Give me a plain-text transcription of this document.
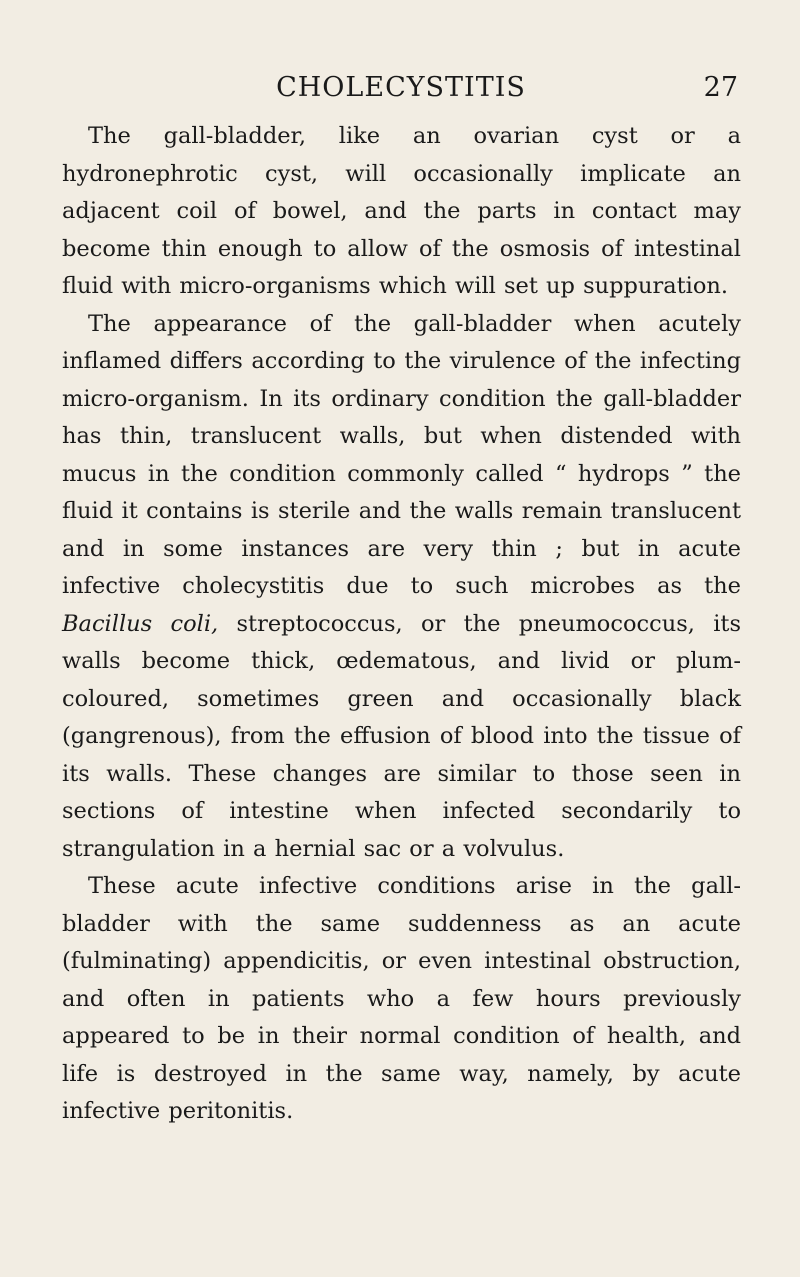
CHOLECYSTITIS	27

The gall-bladder, like an ovarian cyst or a hydronephrotic cyst, will occasionally implicate an adjacent coil of bowel, and the parts in contact may become thin enough to allow of the osmosis of intestinal fluid with micro-organisms which will set up suppuration.

The appearance of the gall-bladder when acutely inflamed differs according to the virulence of the infecting micro-organism. In its ordinary condition the gall-bladder has thin, translucent walls, but when distended with mucus in the condition commonly called “ hydrops ” the fluid it contains is sterile and the walls remain translucent and in some instances are very thin ; but in acute infective cholecystitis due to such microbes as the Bacillus coli, streptococcus, or the pneumococcus, its walls become thick, œdematous, and livid or plum-coloured, sometimes green and occasionally black (gangrenous), from the effusion of blood into the tissue of its walls. These changes are similar to those seen in sections of intestine when infected secondarily to strangulation in a hernial sac or a volvulus.

These acute infective conditions arise in the gall-bladder with the same suddenness as an acute (fulminating) appendicitis, or even intestinal obstruction, and often in patients who a few hours previously appeared to be in their normal condition of health, and life is destroyed in the same way, namely, by acute infective peritonitis.
